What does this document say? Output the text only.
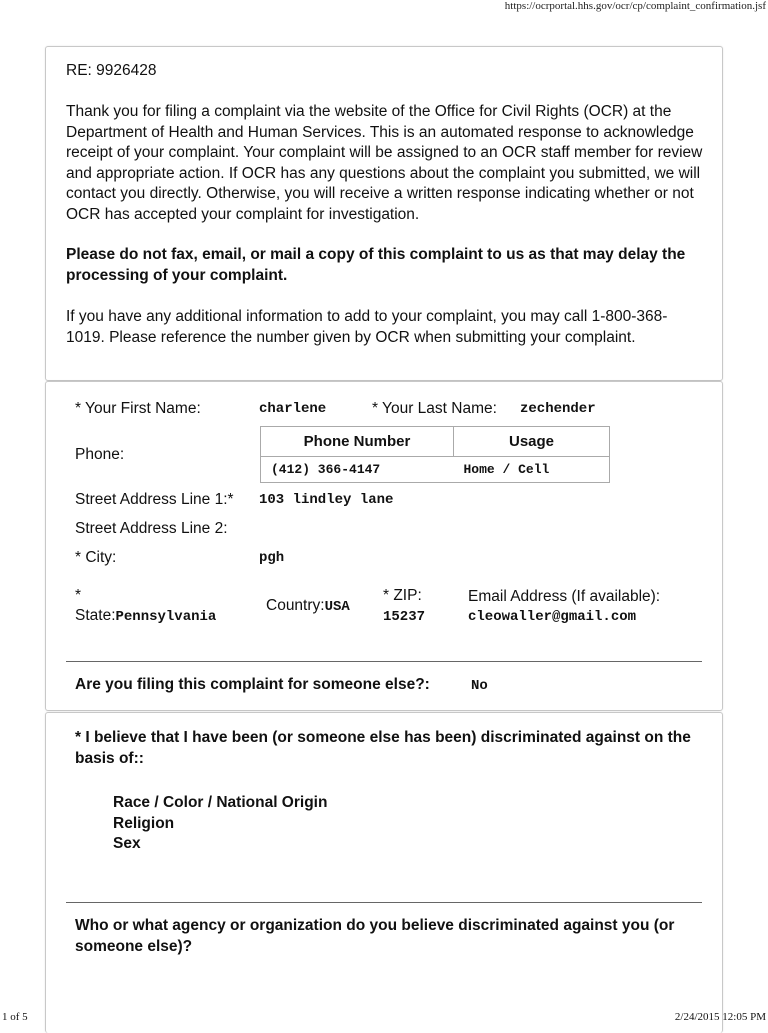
https://ocrportal.hhs.gov/ocr/cp/complaint_confirmation.jsf
RE: 9926428
Thank you for filing a complaint via the website of the Office for Civil Rights (OCR) at the Department of Health and Human Services. This is an automated response to acknowledge receipt of your complaint. Your complaint will be assigned to an OCR staff member for review and appropriate action. If OCR has any questions about the complaint you submitted, we will contact you directly. Otherwise, you will receive a written response indicating whether or not OCR has accepted your complaint for investigation.
Please do not fax, email, or mail a copy of this complaint to us as that may delay the processing of your complaint.
If you have any additional information to add to your complaint, you may call 1-800-368-1019. Please reference the number given by OCR when submitting your complaint.
* Your First Name:	charlene	* Your Last Name: zechender
Phone:
Phone Number	Usage
(412) 366-4147	Home / Cell
Street Address Line 1:* 103 lindley lane
Street Address Line 2:
* City:	pgh
*
State:Pennsylvania
Country:USA
* ZIP:
15237
Email Address (If available):
cleowaller@gmail.com
Are you filing this complaint for someone else?:	No
* I believe that I have been (or someone else has been) discriminated against on the basis of::
Race / Color / National Origin
Religion
Sex
Who or what agency or organization do you believe discriminated against you (or someone else)?
1 of 5	2/24/2015 12:05 PM
